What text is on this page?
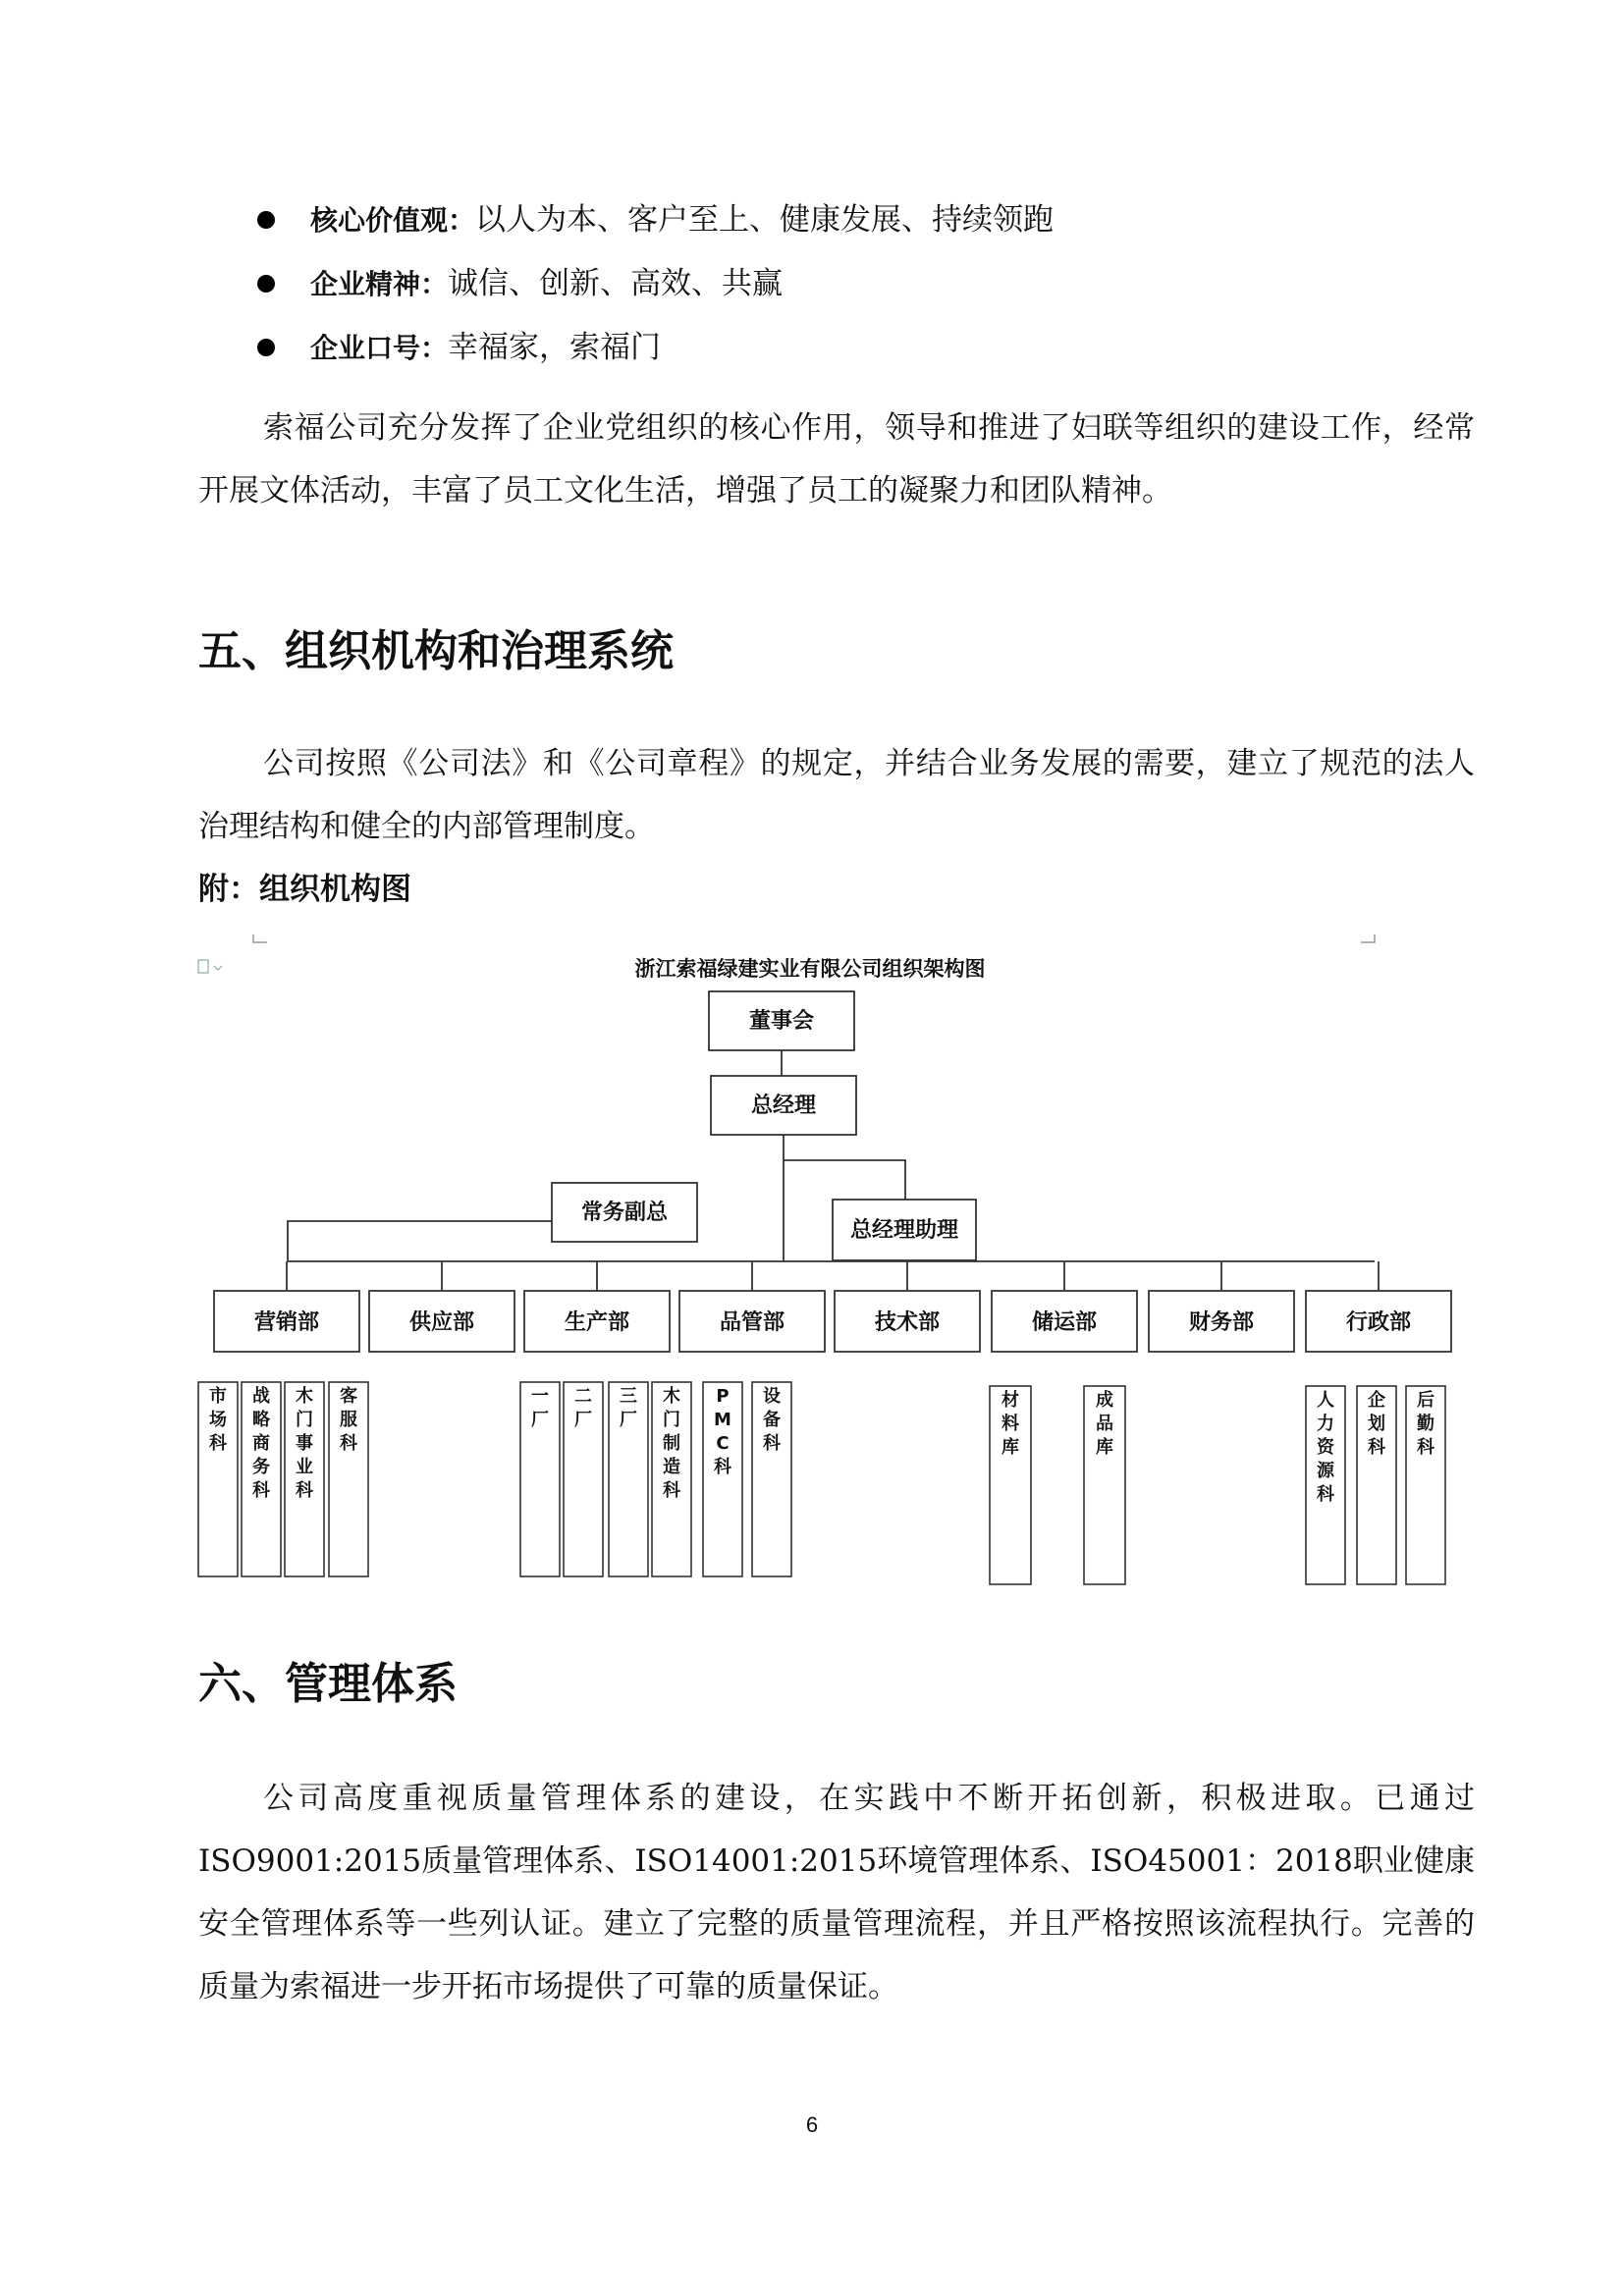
核心价值观：以人为本、客户至上、健康发展、持续领跑
企业精神：诚信、创新、高效、共赢
企业口号：幸福家，索福门

索福公司充分发挥了企业党组织的核心作用，领导和推进了妇联等组织的建设工作，经常开展文体活动，丰富了员工文化生活，增强了员工的凝聚力和团队精神。

五、组织机构和治理系统

公司按照《公司法》和《公司章程》的规定，并结合业务发展的需要，建立了规范的法人治理结构和健全的内部管理制度。

附：组织机构图
浙江索福绿建实业有限公司组织架构图
董事会
总经理
常务副总
总经理助理
营销部	供应部	生产部	品管部	技术部	储运部	财务部	行政部
市场科
战略商务科
木门事业科
客服科
一厂
二厂
三厂
木门制造科
P M C 科
设备科
材料库
成品库
人力资源科
企划科
后勤科
六、管理体系

公司高度重视质量管理体系的建设，在实践中不断开拓创新，积极进取。已通过ISO9001:2015质量管理体系、ISO14001:2015环境管理体系、ISO45001：2018职业健康安全管理体系等一些列认证。建立了完整的质量管理流程，并且严格按照该流程执行。完善的质量为索福进一步开拓市场提供了可靠的质量保证。

6
